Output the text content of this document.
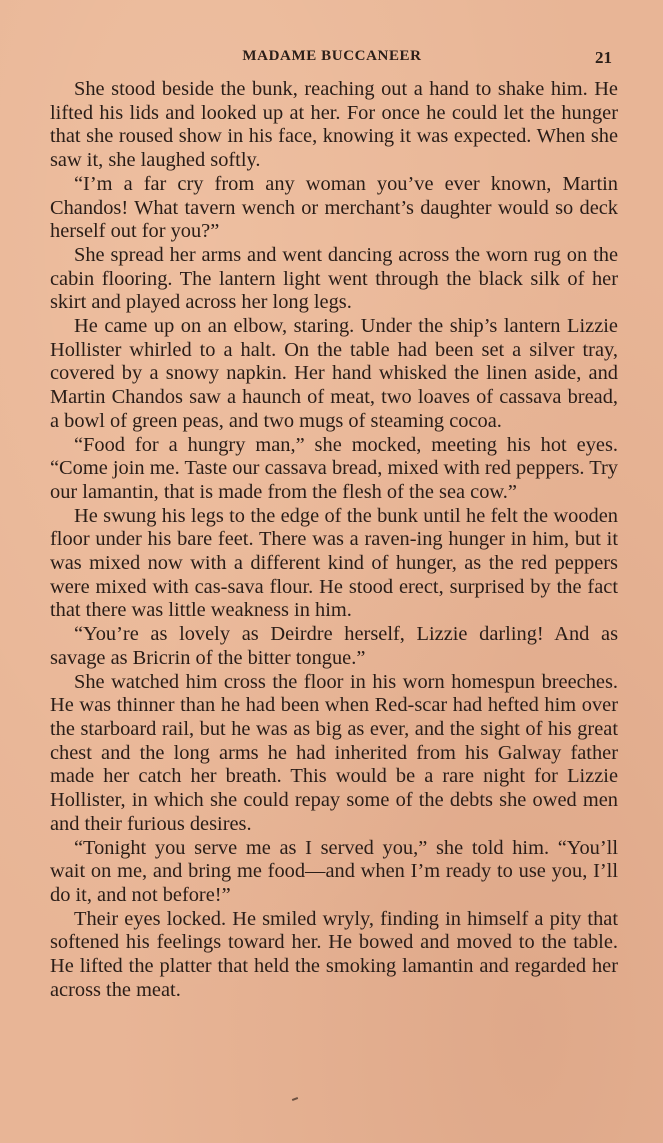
MADAME BUCCANEER	21

She stood beside the bunk, reaching out a hand to shake him. He lifted his lids and looked up at her. For once he could let the hunger that she roused show in his face, knowing it was expected. When she saw it, she laughed softly.

“I’m a far cry from any woman you’ve ever known, Martin Chandos! What tavern wench or merchant’s daughter would so deck herself out for you?”

She spread her arms and went dancing across the worn rug on the cabin flooring. The lantern light went through the black silk of her skirt and played across her long legs.

He came up on an elbow, staring. Under the ship’s lantern Lizzie Hollister whirled to a halt. On the table had been set a silver tray, covered by a snowy napkin. Her hand whisked the linen aside, and Martin Chandos saw a haunch of meat, two loaves of cassava bread, a bowl of green peas, and two mugs of steaming cocoa.

“Food for a hungry man,” she mocked, meeting his hot eyes. “Come join me. Taste our cassava bread, mixed with red peppers. Try our lamantin, that is made from the flesh of the sea cow.”

He swung his legs to the edge of the bunk until he felt the wooden floor under his bare feet. There was a raven-ing hunger in him, but it was mixed now with a different kind of hunger, as the red peppers were mixed with cas-sava flour. He stood erect, surprised by the fact that there was little weakness in him.

“You’re as lovely as Deirdre herself, Lizzie darling! And as savage as Bricrin of the bitter tongue.”

She watched him cross the floor in his worn homespun breeches. He was thinner than he had been when Red-scar had hefted him over the starboard rail, but he was as big as ever, and the sight of his great chest and the long arms he had inherited from his Galway father made her catch her breath. This would be a rare night for Lizzie Hollister, in which she could repay some of the debts she owed men and their furious desires.

“Tonight you serve me as I served you,” she told him. “You’ll wait on me, and bring me food—and when I’m ready to use you, I’ll do it, and not before!”

Their eyes locked. He smiled wryly, finding in himself a pity that softened his feelings toward her. He bowed and moved to the table. He lifted the platter that held the smoking lamantin and regarded her across the meat.
